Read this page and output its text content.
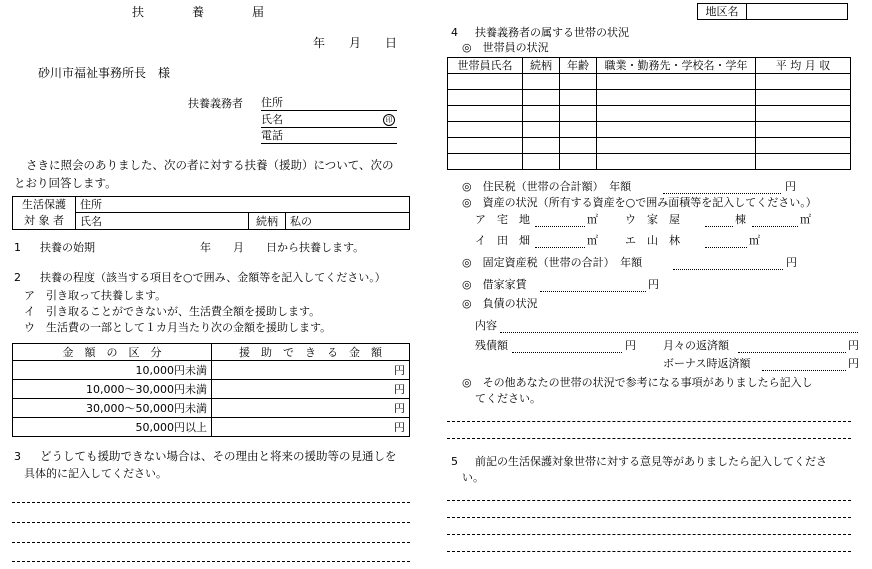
扶　　　　養　　　　届	地区名	
年　　月　　日
砂川市福祉事務所長　様
扶養義務者 住所
氏名	印
電話
さきに照会のありました、次の者に対する扶養（援助）について、次の
とおり回答します。
生活保護	住所		
対 象 者	氏名	続柄	私の
1 扶養の始期	年　　月　　日から扶養します。
2 扶養の程度（該当する項目を○で囲み、金額等を記入してください。）
ア　引き取って扶養します。
イ　引き取ることができないが、生活費全額を援助します。
ウ　生活費の一部として１カ月当たり次の金額を援助します。
金　額　の　区　分	援　助　で　き　る　金　額
10,000円未満	円
10,000～30,000円未満	円
30,000～50,000円未満	円
50,000円以上	円
3 どうしても援助できない場合は、その理由と将来の援助等の見通しを
具体的に記入してください。
4 扶養義務者の属する世帯の状況
◎　世帯員の状況
世帯員氏名	続柄	年齢	職業・勤務先・学校名・学年	平 均 月 収

◎　住民税（世帯の合計額）　年額	円
◎　資産の状況（所有する資産を○で囲み面積等を記入してください。）
ア　宅　地	㎡ ウ　家　屋	棟	㎡
イ　田　畑	㎡ エ　山　林	㎡
◎　固定資産税（世帯の合計）　年額	円
◎　借家家賃	円
◎　負債の状況
内容
残債額	円 月々の返済額	円
ボーナス時返済額	円
◎　その他あなたの世帯の状況で参考になる事項がありましたら記入し
てください。
5 前記の生活保護対象世帯に対する意見等がありましたら記入してくださ
い。
